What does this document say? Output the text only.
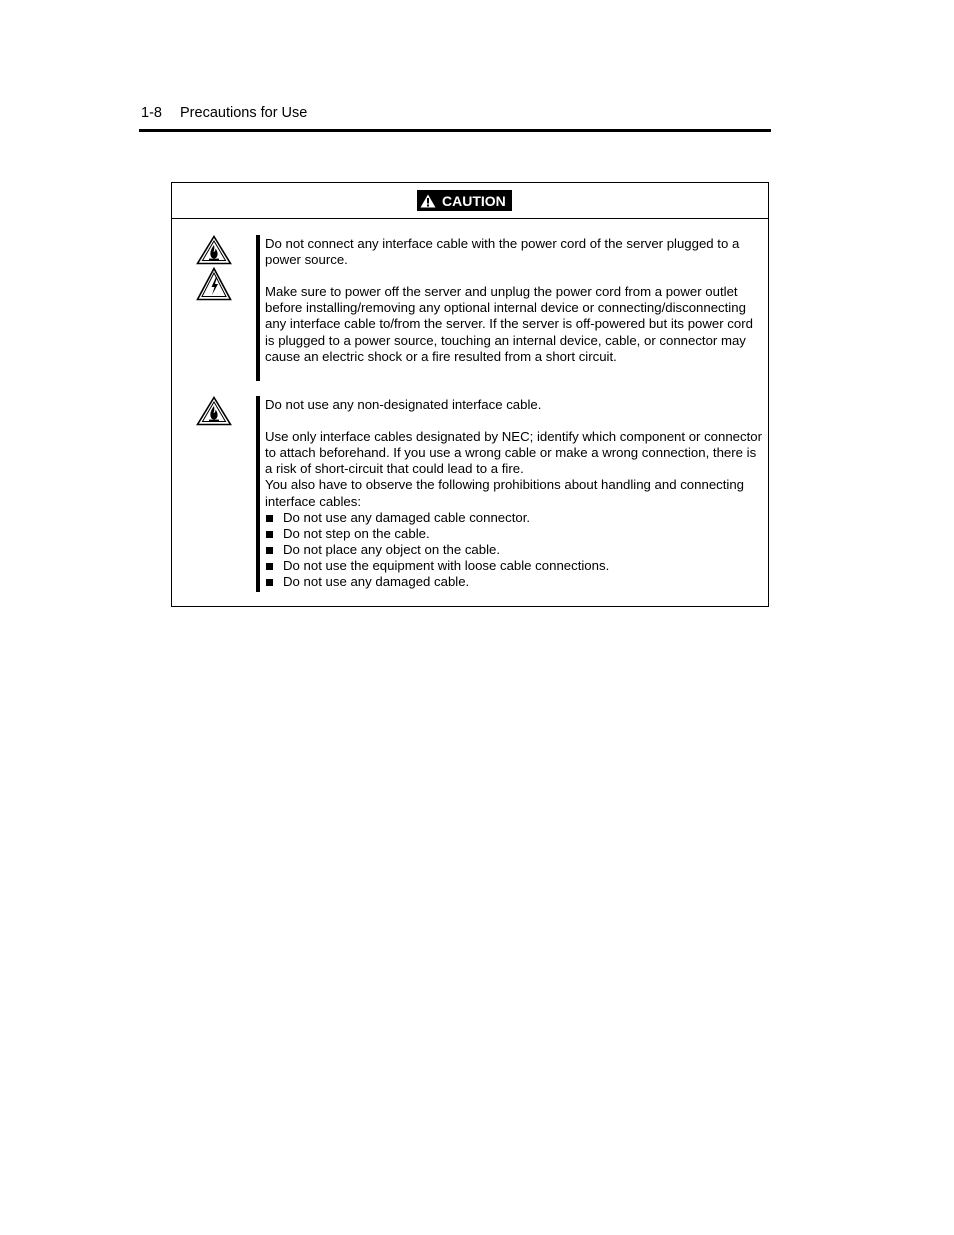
1-8 Precautions for Use
CAUTION

Do not connect any interface cable with the power cord of the server plugged to a power source.

Make sure to power off the server and unplug the power cord from a power outlet before installing/removing any optional internal device or connecting/disconnecting any interface cable to/from the server. If the server is off-powered but its power cord is plugged to a power source, touching an internal device, cable, or connector may cause an electric shock or a fire resulted from a short circuit.

Do not use any non-designated interface cable.

Use only interface cables designated by NEC; identify which component or connector to attach beforehand. If you use a wrong cable or make a wrong connection, there is a risk of short-circuit that could lead to a fire.

You also have to observe the following prohibitions about handling and connecting interface cables:

Do not use any damaged cable connector.
Do not step on the cable.
Do not place any object on the cable.
Do not use the equipment with loose cable connections.
Do not use any damaged cable.
